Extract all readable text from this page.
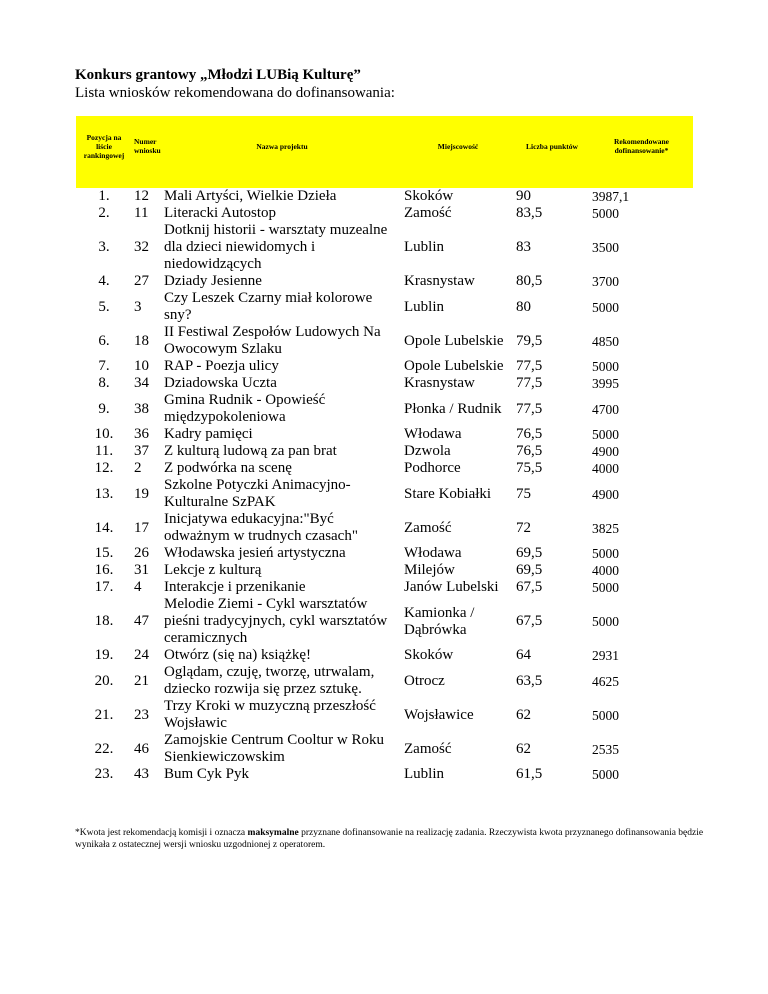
Konkurs grantowy „Młodzi LUBią Kulturę”
Lista wniosków rekomendowana do dofinansowania:
Pozycja na liście rankingowej	Numer wniosku	Nazwa projektu	Miejscowość	Liczba punktów	Rekomendowane dofinansowanie*

1.	12	Mali Artyści, Wielkie Dzieła	Skoków	90	3987,1
2.	11	Literacki Autostop	Zamość	83,5	5000
3.	32	Dotknij historii - warsztaty muzealne dla dzieci niewidomych i niedowidzących	Lublin	83	3500
4.	27	Dziady Jesienne	Krasnystaw	80,5	3700
5.	3	Czy Leszek Czarny miał kolorowe sny?	Lublin	80	5000
6.	18	II Festiwal Zespołów Ludowych Na Owocowym Szlaku	Opole Lubelskie	79,5	4850
7.	10	RAP - Poezja ulicy	Opole Lubelskie	77,5	5000
8.	34	Dziadowska Uczta	Krasnystaw	77,5	3995
9.	38	Gmina Rudnik - Opowieść międzypokoleniowa	Płonka / Rudnik	77,5	4700
10.	36	Kadry pamięci	Włodawa	76,5	5000
11.	37	Z kulturą ludową za pan brat	Dzwola	76,5	4900
12.	2	Z podwórka na scenę	Podhorce	75,5	4000
13.	19	Szkolne Potyczki Animacyjno-Kulturalne SzPAK	Stare Kobiałki	75	4900
14.	17	Inicjatywa edukacyjna:"Być odważnym w trudnych czasach"	Zamość	72	3825
15.	26	Włodawska jesień artystyczna	Włodawa	69,5	5000
16.	31	Lekcje z kulturą	Milejów	69,5	4000
17.	4	Interakcje i przenikanie	Janów Lubelski	67,5	5000
18.	47	Melodie Ziemi - Cykl warsztatów pieśni tradycyjnych, cykl warsztatów ceramicznych	Kamionka / Dąbrówka	67,5	5000
19.	24	Otwórz (się na) książkę!	Skoków	64	2931
20.	21	Oglądam, czuję, tworzę, utrwalam, dziecko rozwija się przez sztukę.	Otrocz	63,5	4625
21.	23	Trzy Kroki w muzyczną przeszłość Wojsławic	Wojsławice	62	5000
22.	46	Zamojskie Centrum Cooltur w Roku Sienkiewiczowskim	Zamość	62	2535
23.	43	Bum Cyk Pyk	Lublin	61,5	5000
*Kwota jest rekomendacją komisji i oznacza maksymalne przyznane dofinansowanie na realizację zadania. Rzeczywista kwota przyznanego dofinansowania będzie wynikała z ostatecznej wersji wniosku uzgodnionej z operatorem.
